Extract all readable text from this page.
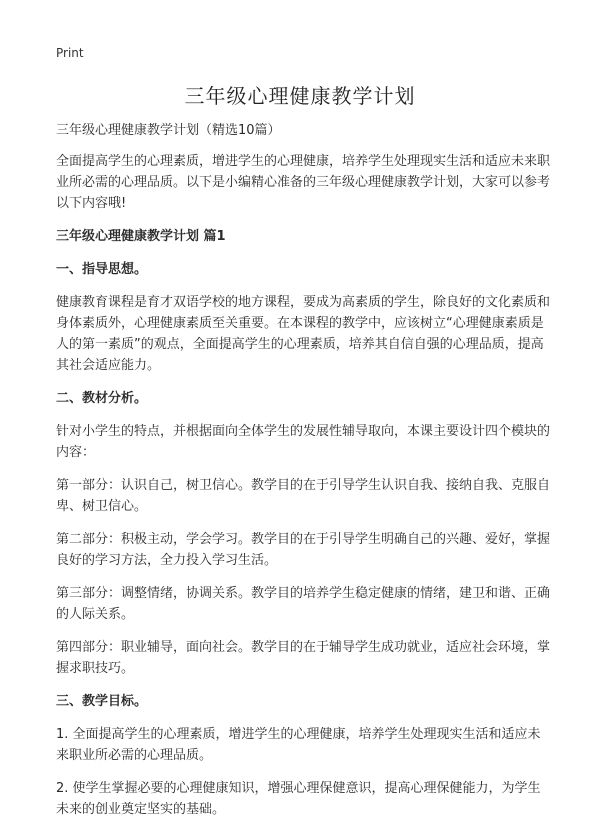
Print
三年级心理健康教学计划

三年级心理健康教学计划（精选10篇）

全面提高学生的心理素质，增进学生的心理健康，培养学生处理现实生活和适应未来职业所必需的心理品质。以下是小编精心准备的三年级心理健康教学计划，大家可以参考以下内容哦!

三年级心理健康教学计划 篇1

一、指导思想。

健康教育课程是育才双语学校的地方课程，要成为高素质的学生，除良好的文化素质和身体素质外，心理健康素质至关重要。在本课程的教学中，应该树立“心理健康素质是人的第一素质”的观点，全面提高学生的心理素质，培养其自信自强的心理品质，提高其社会适应能力。

二、教材分析。

针对小学生的特点，并根据面向全体学生的发展性辅导取向，本课主要设计四个模块的内容：

第一部分：认识自己，树卫信心。教学目的在于引导学生认识自我、接纳自我、克服自卑、树卫信心。

第二部分：积极主动，学会学习。教学目的在于引导学生明确自己的兴趣、爱好，掌握良好的学习方法，全力投入学习生活。

第三部分：调整情绪，协调关系。教学目的培养学生稳定健康的情绪，建卫和谐、正确的人际关系。

第四部分：职业辅导，面向社会。教学目的在于辅导学生成功就业，适应社会环境，掌握求职技巧。

三、教学目标。

1. 全面提高学生的心理素质，增进学生的心理健康，培养学生处理现实生活和适应未来职业所必需的心理品质。

2. 使学生掌握必要的心理健康知识，增强心理保健意识，提高心理保健能力，为学生未来的创业奠定坚实的基础。
